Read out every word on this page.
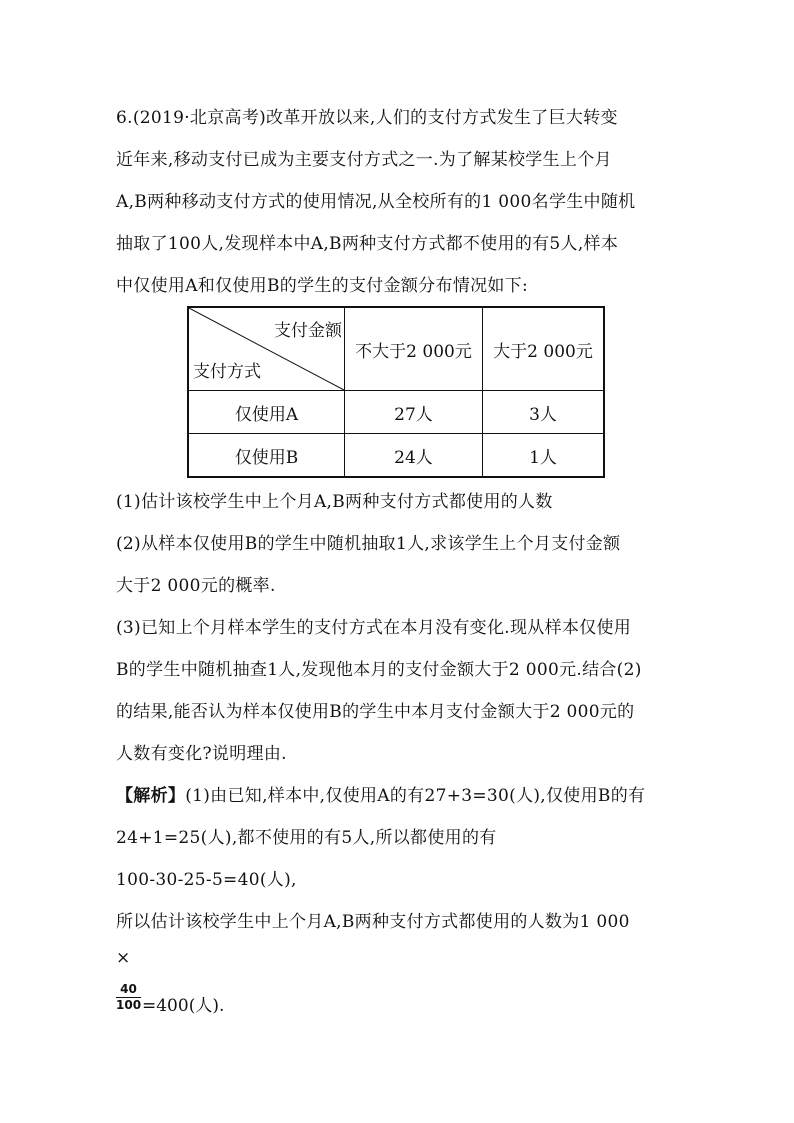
6.(2019·北京高考)改革开放以来,人们的支付方式发生了巨大转变
近年来,移动支付已成为主要支付方式之一.为了解某校学生上个月
A,B两种移动支付方式的使用情况,从全校所有的1 000名学生中随机
抽取了100人,发现样本中A,B两种支付方式都不使用的有5人,样本
中仅使用A和仅使用B的学生的支付金额分布情况如下:
支付金额
支付方式	不大于2 000元	大于2 000元
仅使用A	27人	3人
仅使用B	24人	1人
(1)估计该校学生中上个月A,B两种支付方式都使用的人数
(2)从样本仅使用B的学生中随机抽取1人,求该学生上个月支付金额
大于2 000元的概率.
(3)已知上个月样本学生的支付方式在本月没有变化.现从样本仅使用
B的学生中随机抽查1人,发现他本月的支付金额大于2 000元.结合(2)
的结果,能否认为样本仅使用B的学生中本月支付金额大于2 000元的
人数有变化?说明理由.
【解析】(1)由已知,样本中,仅使用A的有27+3=30(人),仅使用B的有
24+1=25(人),都不使用的有5人,所以都使用的有
100-30-25-5=40(人),
所以估计该校学生中上个月A,B两种支付方式都使用的人数为1 000
×
$\frac{40}{100} =400$(人).
